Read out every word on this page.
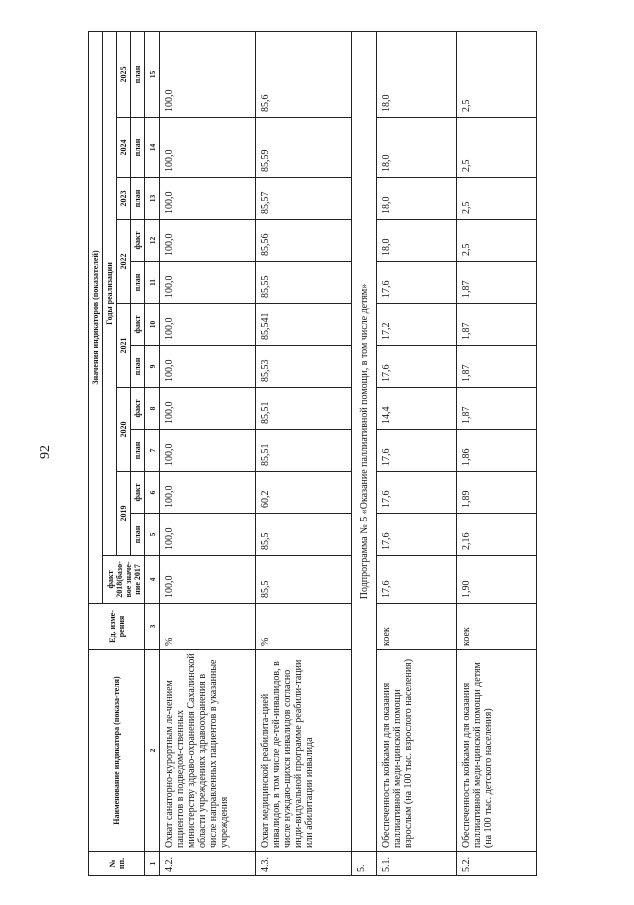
92
№ пп.	Наименование индикатора (показа-теля)	Ед. изме-рения	Значения индикаторов (показателей)											
			факт 2018(базо-вое значе-ние 2017	Годы реализации										
				2019		2020		2021		2022		2023	2024	2025
				план	факт	план	факт	план	факт	план	факт	план	план	план
1	2	3	4	5	6	7	8	9	10	11	12	13	14	15
4.2.	Охват санаторно-курортным ле-чением пациентов в подведом-ственных министерству здраво-охранения Сахалинской области учреждениях здравоохранения в числе направленных пациентов в указанные учреждения	%	100,0	100,0	100,0	100,0	100,0	100,0	100,0	100,0	100,0	100,0	100,0	100,0
4.3.	Охват медицинской реабилита-цией инвалидов, в том числе де-тей-инвалидов, в числе нуждаю-щихся инвалидов согласно инди-видуальной программе реабили-тации или абилитации инвалида	%	85,5	85,5	60,2	85,51	85,51	85,53	85,541	85,55	85,56	85,57	85,59	85,6
5.	Подпрограмма № 5 «Оказание паллиативной помощи, в том числе детям»													
5.1.	Обеспеченность койками для оказания паллиативной меди-цинской помощи взрослым (на 100 тыс. взрослого населения)	коек	17,6	17,6	17,6	17,6	14,4	17,6	17,2	17,6	18,0	18,0	18,0	18,0
5.2.	Обеспеченность койками для оказания паллиативной меди-цинской помощи детям (на 100 тыс. детского населения)	коек	1,90	2,16	1,89	1,86	1,87	1,87	1,87	1,87	2,5	2,5	2,5	2,5
